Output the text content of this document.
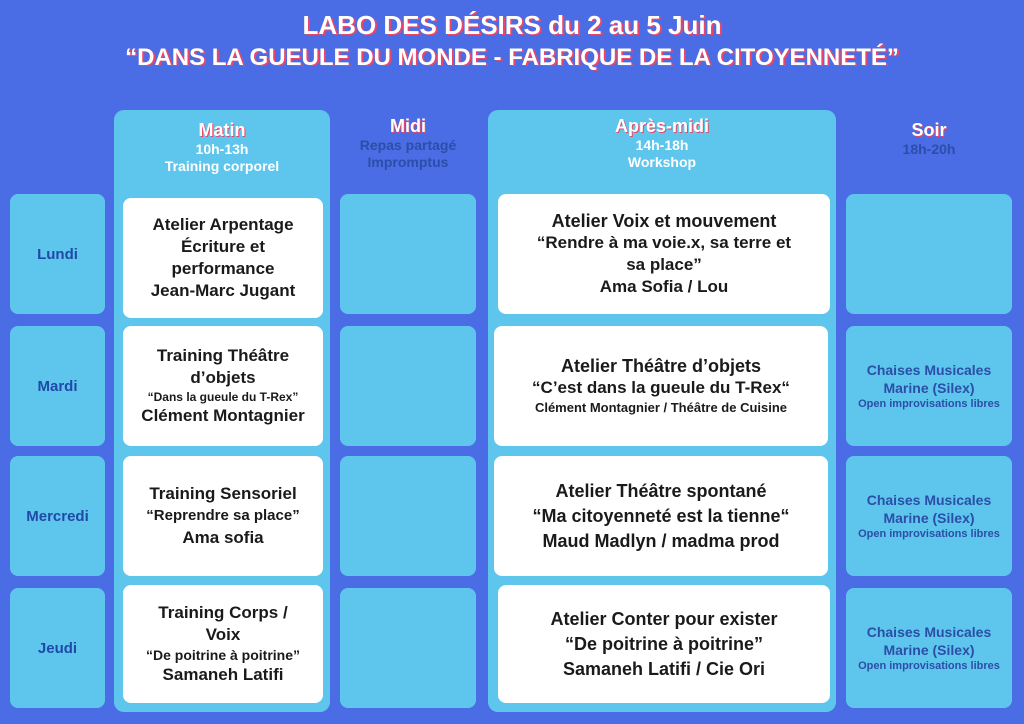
LABO DES DÉSIRS du 2 au 5 Juin
“DANS LA GUEULE DU MONDE - FABRIQUE DE LA CITOYENNETÉ”
Matin
10h-13h
Training corporel
Midi
Repas partagé
Impromptus
Après-midi
14h-18h
Workshop
Soir
18h-20h
Lundi
Mardi
Mercredi
Jeudi
Atelier Arpentage
Écriture et
performance
Jean-Marc Jugant
Training Théâtre
d’objets
“Dans la gueule du T-Rex”
Clément Montagnier
Training Sensoriel
“Reprendre sa place”
Ama sofia
Training Corps /
Voix
“De poitrine à poitrine”
Samaneh Latifi
Atelier Voix et mouvement
“Rendre à ma voie.x, sa terre et
sa place”
Ama Sofia / Lou
Atelier Théâtre d’objets
“C’est dans la gueule du T-Rex“
Clément Montagnier / Théâtre de Cuisine
Atelier Théâtre spontané
“Ma citoyenneté est la tienne“
Maud Madlyn / madma prod
Atelier Conter pour exister
“De poitrine à poitrine”
Samaneh Latifi / Cie Ori
Chaises Musicales
Marine (Silex)
Open improvisations libres
Chaises Musicales
Marine (Silex)
Open improvisations libres
Chaises Musicales
Marine (Silex)
Open improvisations libres
